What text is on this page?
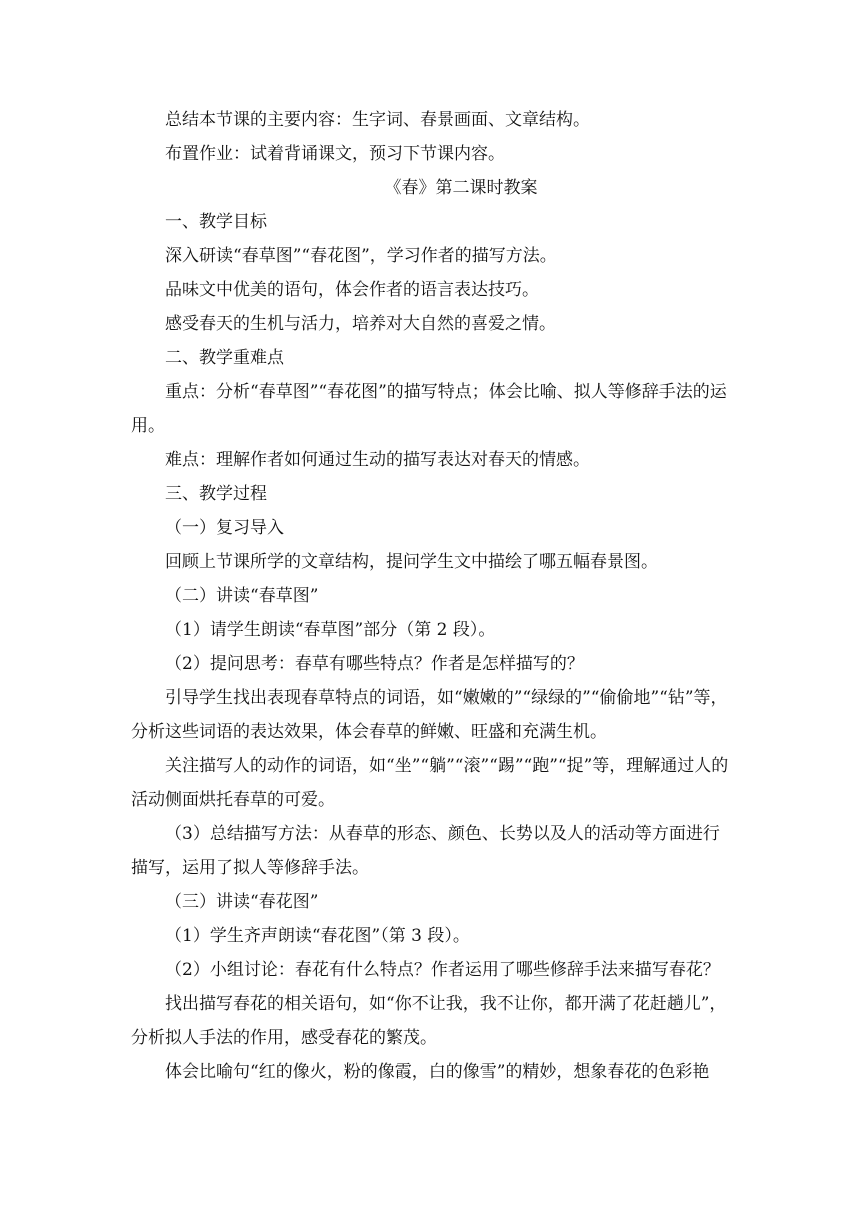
总结本节课的主要内容：生字词、春景画面、文章结构。

布置作业：试着背诵课文，预习下节课内容。

《春》第二课时教案

一、教学目标

深入研读“春草图”“春花图”，学习作者的描写方法。

品味文中优美的语句，体会作者的语言表达技巧。

感受春天的生机与活力，培养对大自然的喜爱之情。

二、教学重难点

重点：分析“春草图”“春花图”的描写特点；体会比喻、拟人等修辞手法的运用。

难点：理解作者如何通过生动的描写表达对春天的情感。

三、教学过程

（一）复习导入

回顾上节课所学的文章结构，提问学生文中描绘了哪五幅春景图。

（二）讲读“春草图”

（1）请学生朗读“春草图”部分（第 2 段）。

（2）提问思考：春草有哪些特点？作者是怎样描写的？

引导学生找出表现春草特点的词语，如“嫩嫩的”“绿绿的”“偷偷地”“钻”等，分析这些词语的表达效果，体会春草的鲜嫩、旺盛和充满生机。

关注描写人的动作的词语，如“坐”“躺”“滚”“踢”“跑”“捉”等，理解通过人的活动侧面烘托春草的可爱。

（3）总结描写方法：从春草的形态、颜色、长势以及人的活动等方面进行描写，运用了拟人等修辞手法。

（三）讲读“春花图”

（1）学生齐声朗读“春花图”（第 3 段）。

（2）小组讨论：春花有什么特点？作者运用了哪些修辞手法来描写春花？

找出描写春花的相关语句，如“你不让我，我不让你，都开满了花赶趟儿”，分析拟人手法的作用，感受春花的繁茂。

体会比喻句“红的像火，粉的像霞，白的像雪”的精妙，想象春花的色彩艳
